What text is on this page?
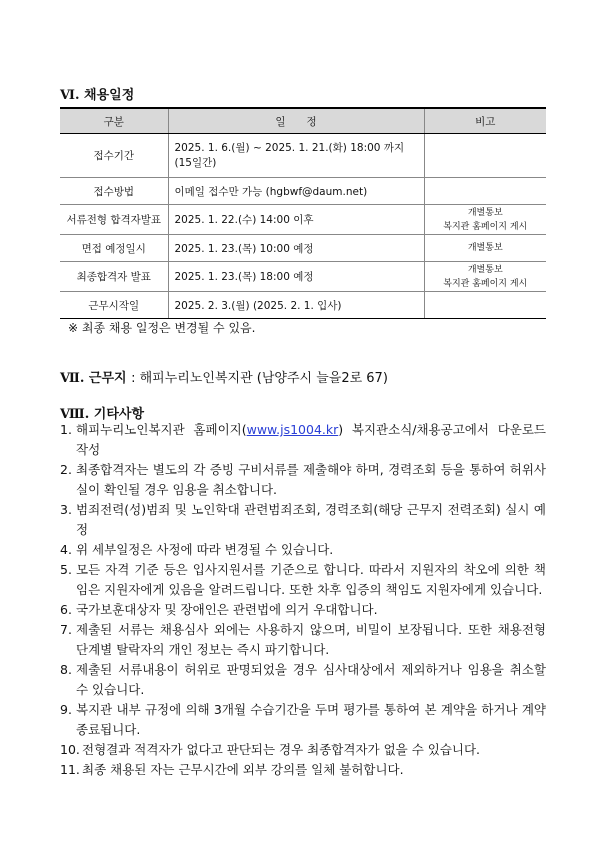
Ⅵ. 채용일정
구분	일　　정	비고
접수기간	2025. 1. 6.(월) ~ 2025. 1. 21.(화) 18:00 까지 (15일간)	
접수방법	이메일 접수만 가능 (hgbwf@daum.net)	
서류전형 합격자발표	2025. 1. 22.(수) 14:00 이후	개별통보
복지관 홈페이지 게시
면접 예정일시	2025. 1. 23.(목) 10:00 예정	개별통보
최종합격자 발표	2025. 1. 23.(목) 18:00 예정	개별통보
복지관 홈페이지 게시
근무시작일	2025. 2. 3.(월) (2025. 2. 1. 입사)	
※ 최종 채용 일정은 변경될 수 있음.
Ⅶ. 근무지 : 해피누리노인복지관 (남양주시 늘을2로 67)
Ⅷ. 기타사항
1. 해피누리노인복지관 홈페이지(www.js1004.kr) 복지관소식/채용공고에서 다운로드 작성
2. 최종합격자는 별도의 각 증빙 구비서류를 제출해야 하며, 경력조회 등을 통하여 허위사실이 확인될 경우 임용을 취소합니다.
3. 범죄전력(성)범죄 및 노인학대 관련범죄조회, 경력조회(해당 근무지 전력조회) 실시 예정
4. 위 세부일정은 사정에 따라 변경될 수 있습니다.
5. 모든 자격 기준 등은 입사지원서를 기준으로 합니다. 따라서 지원자의 착오에 의한 책임은 지원자에게 있음을 알려드립니다. 또한 차후 입증의 책임도 지원자에게 있습니다.
6. 국가보훈대상자 및 장애인은 관련법에 의거 우대합니다.
7. 제출된 서류는 채용심사 외에는 사용하지 않으며, 비밀이 보장됩니다. 또한 채용전형 단계별 탈락자의 개인 정보는 즉시 파기합니다.
8. 제출된 서류내용이 허위로 판명되었을 경우 심사대상에서 제외하거나 임용을 취소할 수 있습니다.
9. 복지관 내부 규정에 의해 3개월 수습기간을 두며 평가를 통하여 본 계약을 하거나 계약 종료됩니다.
10. 전형결과 적격자가 없다고 판단되는 경우 최종합격자가 없을 수 있습니다.
11. 최종 채용된 자는 근무시간에 외부 강의를 일체 불허합니다.
